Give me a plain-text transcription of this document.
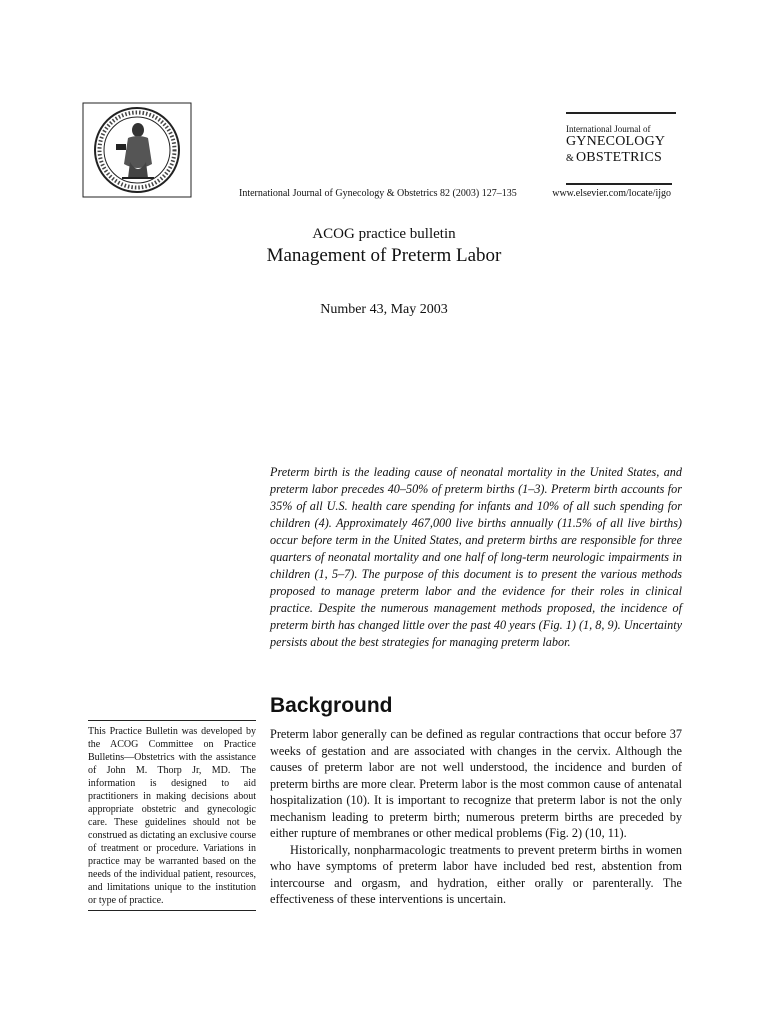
International Journal of
GYNECOLOGY
& OBSTETRICS
International Journal of Gynecology & Obstetrics 82 (2003) 127–135	www.elsevier.com/locate/ijgo
ACOG practice bulletin
Management of Preterm Labor
Number 43, May 2003
Preterm birth is the leading cause of neonatal mortality in the United States, and preterm labor precedes 40–50% of preterm births (1–3). Preterm birth accounts for 35% of all U.S. health care spending for infants and 10% of all such spending for children (4). Approximately 467,000 live births annually (11.5% of all live births) occur before term in the United States, and preterm births are responsible for three quarters of neonatal mortality and one half of long-term neurologic impairments in children (1, 5–7). The purpose of this document is to present the various methods proposed to manage preterm labor and the evidence for their roles in clinical practice. Despite the numerous management methods proposed, the incidence of preterm birth has changed little over the past 40 years (Fig. 1) (1, 8, 9). Uncertainty persists about the best strategies for managing preterm labor.
Background
This Practice Bulletin was developed by the ACOG Committee on Practice Bulletins—Obstetrics with the assistance of John M. Thorp Jr, MD. The information is designed to aid practitioners in making decisions about appropriate obstetric and gynecologic care. These guidelines should not be construed as dictating an exclusive course of treatment or procedure. Variations in practice may be warranted based on the needs of the individual patient, resources, and limitations unique to the institution or type of practice.

Preterm labor generally can be defined as regular contractions that occur before 37 weeks of gestation and are associated with changes in the cervix. Although the causes of preterm labor are not well understood, the incidence and burden of preterm births are more clear. Preterm labor is the most common cause of antenatal hospitalization (10). It is important to recognize that preterm labor is not the only mechanism leading to preterm birth; numerous preterm births are preceded by either rupture of membranes or other medical problems (Fig. 2) (10, 11).

Historically, nonpharmacologic treatments to prevent preterm births in women who have symptoms of preterm labor have included bed rest, abstention from intercourse and orgasm, and hydration, either orally or parenterally. The effectiveness of these interventions is uncertain.
